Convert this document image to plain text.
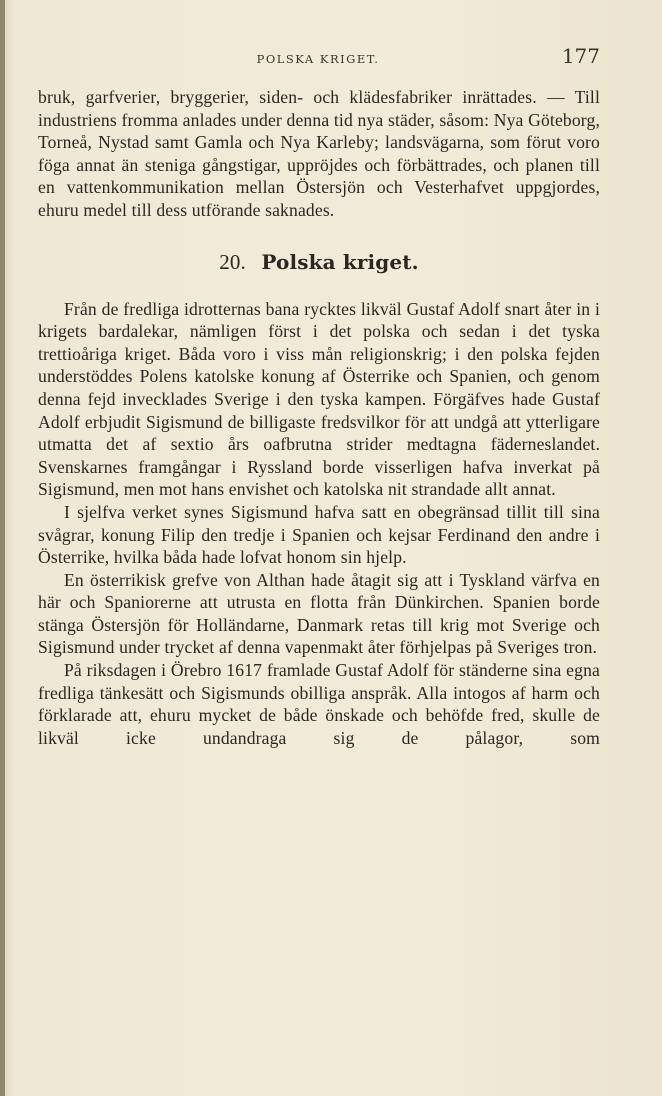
POLSKA KRIGET.	177

bruk, garfverier, bryggerier, siden- och klädesfabriker inrättades. — Till industriens fromma anlades under denna tid nya städer, såsom: Nya Göteborg, Torneå, Nystad samt Gamla och Nya Karleby; landsvägarna, som förut voro föga annat än steniga gångstigar, uppröjdes och förbättrades, och planen till en vattenkommunikation mellan Östersjön och Vesterhafvet uppgjordes, ehuru medel till dess utförande saknades.

20. Polska kriget.

Från de fredliga idrotternas bana rycktes likväl Gustaf Adolf snart åter in i krigets bardalekar, nämligen först i det polska och sedan i det tyska trettioåriga kriget. Båda voro i viss mån religionskrig; i den polska fejden understöddes Polens katolske konung af Österrike och Spanien, och genom denna fejd invecklades Sverige i den tyska kampen. Förgäfves hade Gustaf Adolf erbjudit Sigismund de billigaste fredsvilkor för att undgå att ytterligare utmatta det af sextio års oafbrutna strider medtagna fäderneslandet. Svenskarnes framgångar i Ryssland borde visserligen hafva inverkat på Sigismund, men mot hans envishet och katolska nit strandade allt annat.

I sjelfva verket synes Sigismund hafva satt en obegränsad tillit till sina svågrar, konung Filip den tredje i Spanien och kejsar Ferdinand den andre i Österrike, hvilka båda hade lofvat honom sin hjelp.

En österrikisk grefve von Althan hade åtagit sig att i Tyskland värfva en här och Spaniorerne att utrusta en flotta från Dünkirchen. Spanien borde stänga Östersjön för Holländarne, Danmark retas till krig mot Sverige och Sigismund under trycket af denna vapenmakt åter förhjelpas på Sveriges tron.

På riksdagen i Örebro 1617 framlade Gustaf Adolf för ständerne sina egna fredliga tänkesätt och Sigismunds obilliga anspråk. Alla intogos af harm och förklarade att, ehuru mycket de både önskade och behöfde fred, skulle de likväl icke undandraga sig de pålagor, som
